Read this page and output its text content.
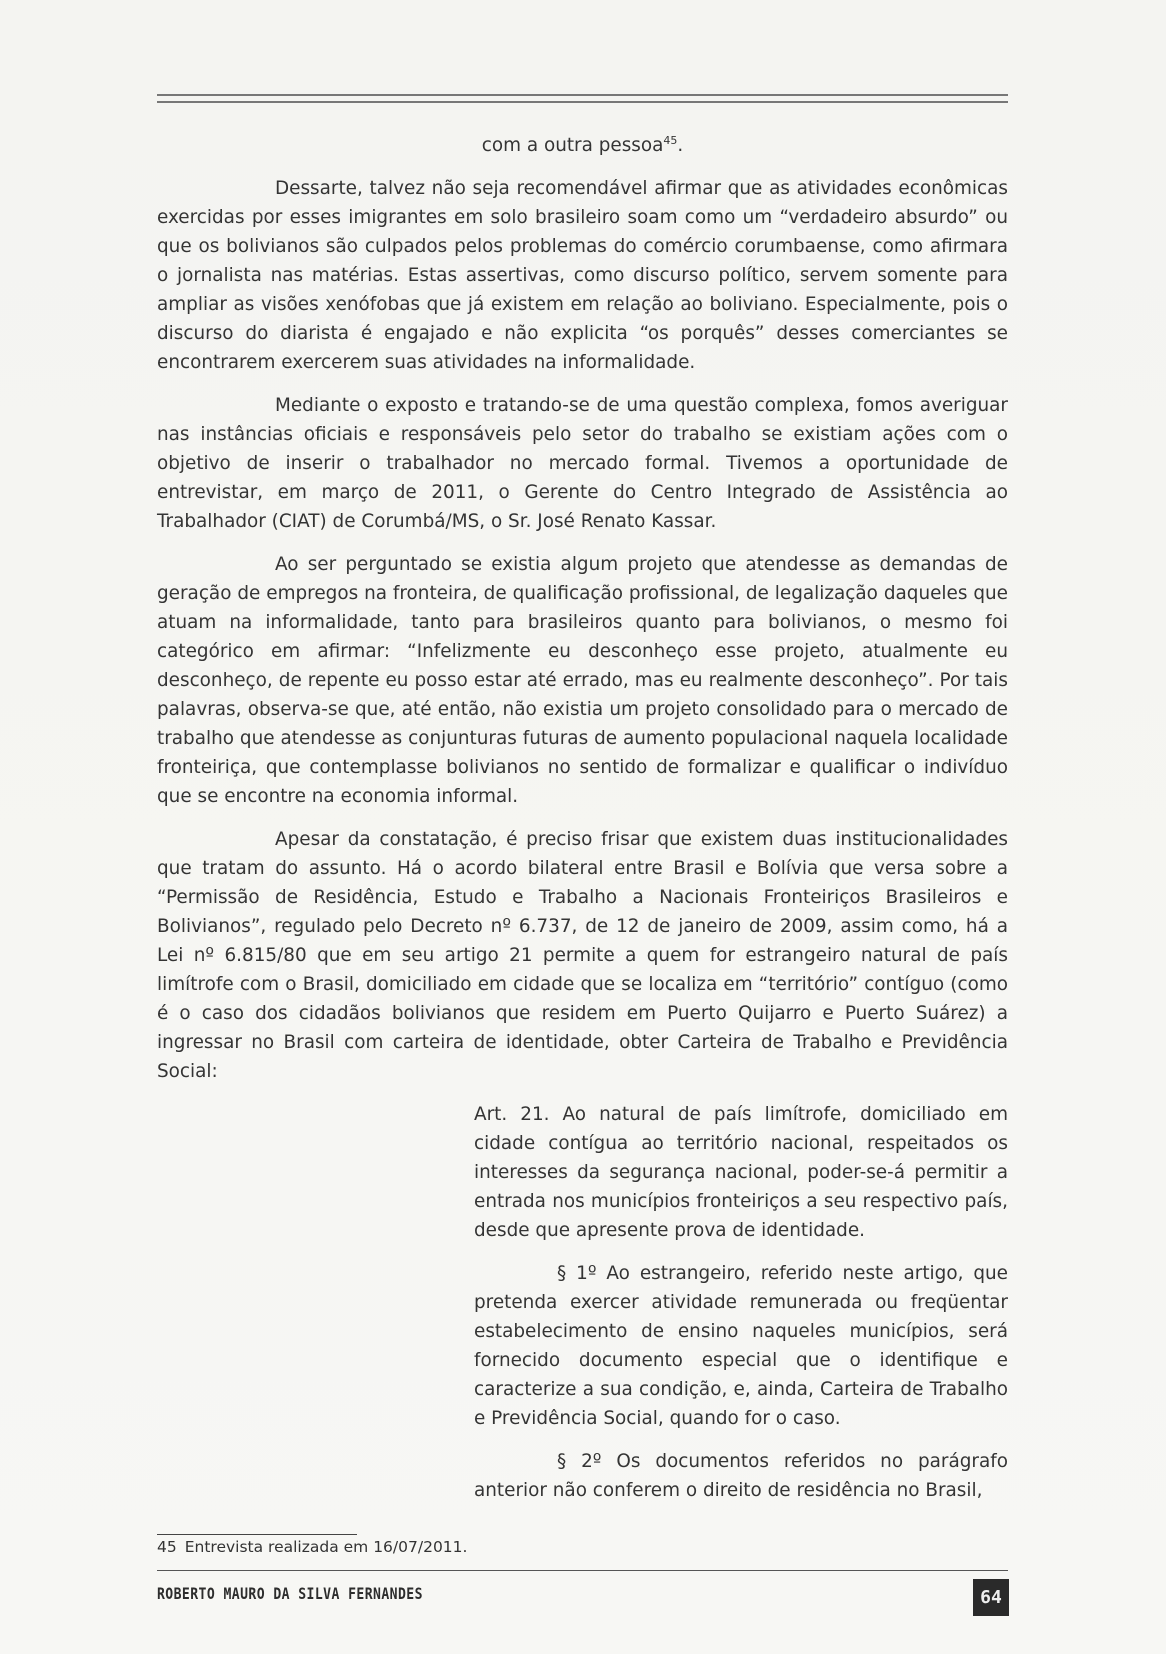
com a outra pessoa$^{45}$.

Dessarte, talvez não seja recomendável afirmar que as atividades econômicas exercidas por esses imigrantes em solo brasileiro soam como um “verdadeiro absurdo” ou que os bolivianos são culpados pelos problemas do comércio corumbaense, como afirmara o jornalista nas matérias. Estas assertivas, como discurso político, servem somente para ampliar as visões xenófobas que já existem em relação ao boliviano. Especialmente, pois o discurso do diarista é engajado e não explicita “os porquês” desses comerciantes se encontrarem exercerem suas atividades na informalidade.

Mediante o exposto e tratando-se de uma questão complexa, fomos averiguar nas instâncias oficiais e responsáveis pelo setor do trabalho se existiam ações com o objetivo de inserir o trabalhador no mercado formal. Tivemos a oportunidade de entrevistar, em março de 2011, o Gerente do Centro Integrado de Assistência ao Trabalhador (CIAT) de Corumbá/MS, o Sr. José Renato Kassar.

Ao ser perguntado se existia algum projeto que atendesse as demandas de geração de empregos na fronteira, de qualificação profissional, de legalização daqueles que atuam na informalidade, tanto para brasileiros quanto para bolivianos, o mesmo foi categórico em afirmar: “Infelizmente eu desconheço esse projeto, atualmente eu desconheço, de repente eu posso estar até errado, mas eu realmente desconheço”. Por tais palavras, observa-se que, até então, não existia um projeto consolidado para o mercado de trabalho que atendesse as conjunturas futuras de aumento populacional naquela localidade fronteiriça, que contemplasse bolivianos no sentido de formalizar e qualificar o indivíduo que se encontre na economia informal.

Apesar da constatação, é preciso frisar que existem duas institucionalidades que tratam do assunto. Há o acordo bilateral entre Brasil e Bolívia que versa sobre a “Permissão de Residência, Estudo e Trabalho a Nacionais Fronteiriços Brasileiros e Bolivianos”, regulado pelo Decreto nº 6.737, de 12 de janeiro de 2009, assim como, há a Lei nº 6.815/80 que em seu artigo 21 permite a quem for estrangeiro natural de país limítrofe com o Brasil, domiciliado em cidade que se localiza em “território” contíguo (como é o caso dos cidadãos bolivianos que residem em Puerto Quijarro e Puerto Suárez) a ingressar no Brasil com carteira de identidade, obter Carteira de Trabalho e Previdência Social:

Art. 21. Ao natural de país limítrofe, domiciliado em cidade contígua ao território nacional, respeitados os interesses da segurança nacional, poder-se-á permitir a entrada nos municípios fronteiriços a seu respectivo país, desde que apresente prova de identidade.

§ 1º Ao estrangeiro, referido neste artigo, que pretenda exercer atividade remunerada ou freqüentar estabelecimento de ensino naqueles municípios, será fornecido documento especial que o identifique e caracterize a sua condição, e, ainda, Carteira de Trabalho e Previdência Social, quando for o caso.

§ 2º Os documentos referidos no parágrafo anterior não conferem o direito de residência no Brasil,

45 Entrevista realizada em 16/07/2011.
ROBERTO MAURO DA SILVA FERNANDES	64
